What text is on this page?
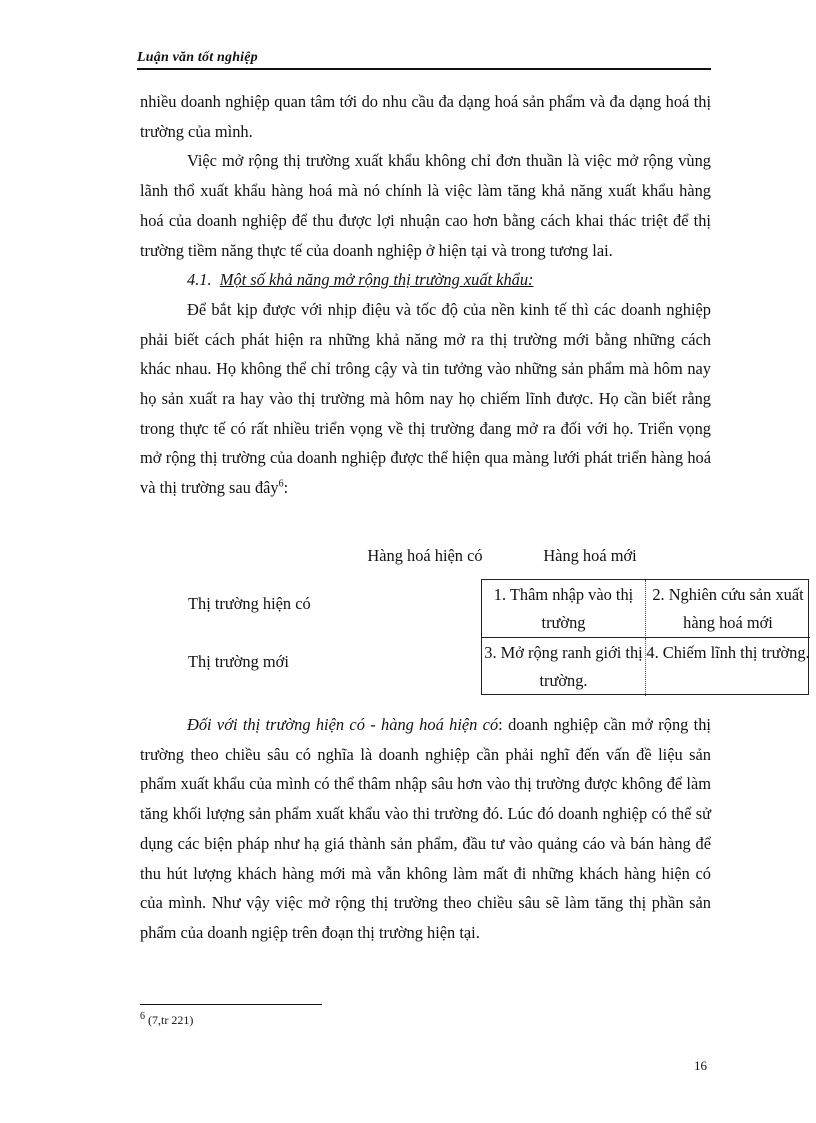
Luận văn tốt nghiệp

nhiều doanh nghiệp quan tâm tới do nhu cầu đa dạng hoá sản phẩm và đa dạng hoá thị trường của mình.

Việc mở rộng thị trường xuất khẩu không chỉ đơn thuần là việc mở rộng vùng lãnh thổ xuất khẩu hàng hoá mà nó chính là việc làm tăng khả năng xuất khẩu hàng hoá của doanh nghiệp để thu được lợi nhuận cao hơn bằng cách khai thác triệt để thị trường tiềm năng thực tế của doanh nghiệp ở hiện tại và trong tương lai.

4.1. Một số khả năng mở rộng thị trường xuất khẩu:

Để bắt kịp được với nhịp điệu và tốc độ của nền kinh tế thì các doanh nghiệp phải biết cách phát hiện ra những khả năng mở ra thị trường mới bằng những cách khác nhau. Họ không thể chỉ trông cậy và tin tưởng vào những sản phẩm mà hôm nay họ sản xuất ra hay vào thị trường mà hôm nay họ chiếm lĩnh được. Họ cần biết rằng trong thực tế có rất nhiều triển vọng về thị trường đang mở ra đối với họ. Triển vọng mở rộng thị trường của doanh nghiệp được thể hiện qua màng lưới phát triển hàng hoá và thị trường sau đây$^6$:

Hàng hoá hiện có	Hàng hoá mới
Thị trường hiện có
Thị trường mới
1. Thâm nhập vào thị trường
2. Nghiên cứu sản xuất hàng hoá mới
3. Mở rộng ranh giới thị trường.
4. Chiếm lĩnh thị trường.

Đối với thị trường hiện có - hàng hoá hiện có: doanh nghiệp cần mở rộng thị trường theo chiều sâu có nghĩa là doanh nghiệp cần phải nghĩ đến vấn đề liệu sản phẩm xuất khẩu của mình có thể thâm nhập sâu hơn vào thị trường được không để làm tăng khối lượng sản phẩm xuất khẩu vào thi trường đó. Lúc đó doanh nghiệp có thể sử dụng các biện pháp như hạ giá thành sản phẩm, đầu tư vào quảng cáo và bán hàng để thu hút lượng khách hàng mới mà vẫn không làm mất đi những khách hàng hiện có của mình. Như vậy việc mở rộng thị trường theo chiều sâu sẽ làm tăng thị phần sản phẩm của doanh ngiệp trên đoạn thị trường hiện tại.

$^6$ (7,tr 221)
16
